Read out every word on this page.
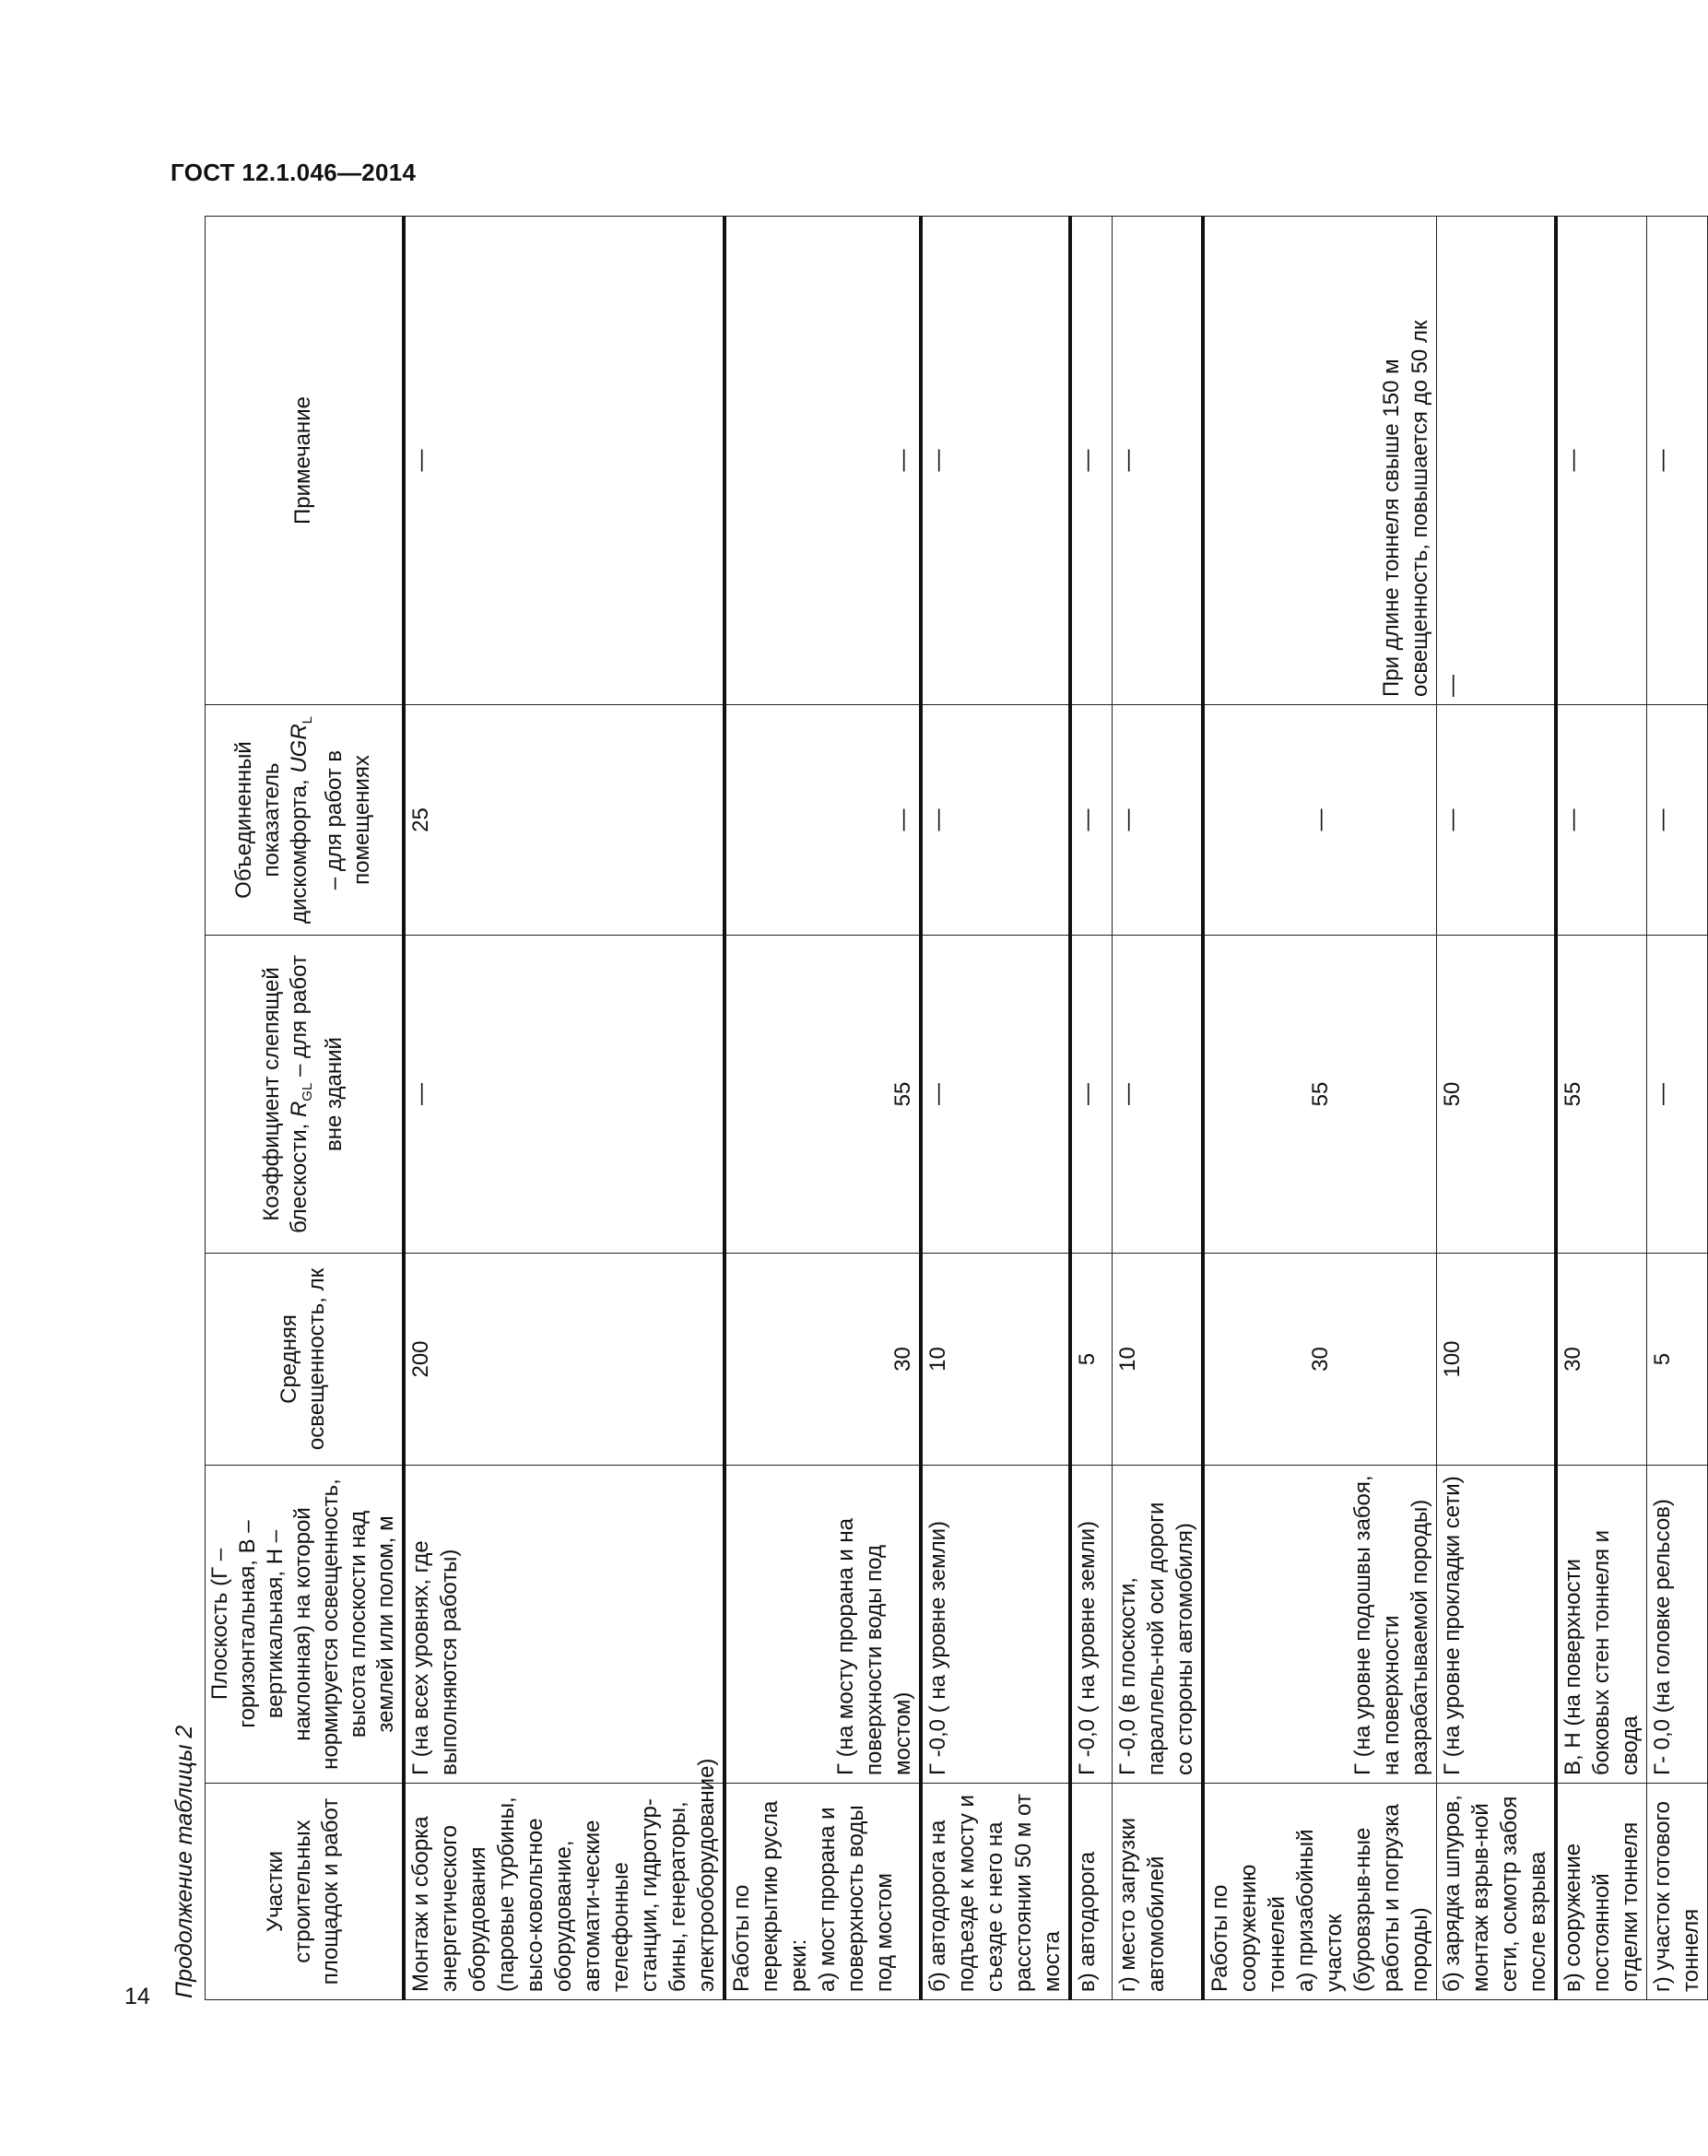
ГОСТ 12.1.046—2014
14 Продолжение таблицы 2	Участки строительных площадок и работ	Плоскость (Г – горизонтальная, В – вертикальная, Н – наклонная) на которой нормируется освещенность, высота плоскости над землей или полом, м	Средняя освещенность, лк	Коэффициент слепящей блескости, $R_{GL}$ – для работ вне зданий	Объединенный показатель дискомфорта, $UGR_L$ – для работ в помещениях	Примечание
Монтаж и сборка энергетического оборудования (паровые турбины, высо-ковольтное оборудование, автомати-ческие телефонные станции, гидротур-бины, генераторы, электрооборудование)	Г (на всех уровнях, где выполняются работы)	200	—	25	—
Работы по перекрытию русла реки:
а) мост прорана и поверхность воды под мостом	Г (на мосту прорана и на поверхности воды под мостом)	30	55	—	—
б) автодорога на подъезде к мосту и съезде с него на расстоянии 50 м от моста	Г -0,0 ( на уровне земли)	10	—	—	—
в) автодорога	Г -0,0 ( на уровне земли)	5	—	—	—
г) место загрузки автомобилей	Г -0,0 (в плоскости, параллель-ной оси дороги со стороны автомобиля)	10	—	—	—
Работы по сооружению тоннелей
а) призабойный участок (буровзрыв-ные работы и погрузка породы)	Г (на уровне подошвы забоя, на поверхности разрабатываемой породы)	30	55	—	При длине тоннеля свыше 150 м освещенность, повышается до 50 лк
б) зарядка шпуров, монтаж взрыв-ной сети, осмотр забоя после взрыва	Г (на уровне прокладки сети)	100	50	—	—
в) сооружение постоянной отделки тоннеля	В, Н (на поверхности боковых стен тоннеля и свода	30	55	—	—
г) участок готового тоннеля	Г- 0,0 (на головке рельсов)	5	—	—	—
